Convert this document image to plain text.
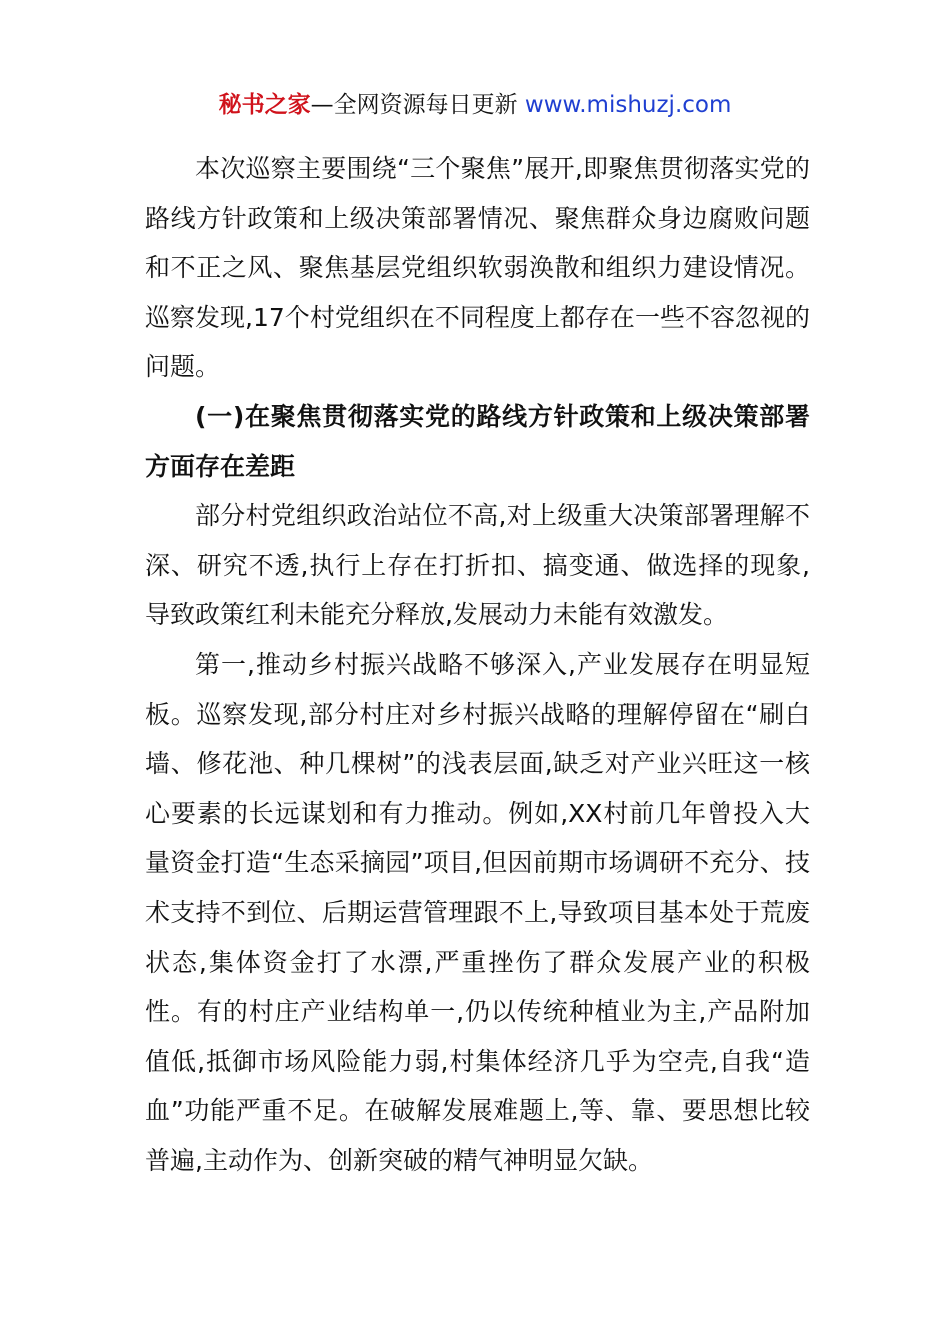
秘书之家—全网资源每日更新 www.mishuzj.com

本次巡察主要围绕“三个聚焦”展开,即聚焦贯彻落实党的路线方针政策和上级决策部署情况、聚焦群众身边腐败问题和不正之风、聚焦基层党组织软弱涣散和组织力建设情况。巡察发现,17个村党组织在不同程度上都存在一些不容忽视的问题。

(一)在聚焦贯彻落实党的路线方针政策和上级决策部署方面存在差距

部分村党组织政治站位不高,对上级重大决策部署理解不深、研究不透,执行上存在打折扣、搞变通、做选择的现象,导致政策红利未能充分释放,发展动力未能有效激发。

第一,推动乡村振兴战略不够深入,产业发展存在明显短板。巡察发现,部分村庄对乡村振兴战略的理解停留在“刷白墙、修花池、种几棵树”的浅表层面,缺乏对产业兴旺这一核心要素的长远谋划和有力推动。例如,XX村前几年曾投入大量资金打造“生态采摘园”项目,但因前期市场调研不充分、技术支持不到位、后期运营管理跟不上,导致项目基本处于荒废状态,集体资金打了水漂,严重挫伤了群众发展产业的积极性。有的村庄产业结构单一,仍以传统种植业为主,产品附加值低,抵御市场风险能力弱,村集体经济几乎为空壳,自我“造血”功能严重不足。在破解发展难题上,等、靠、要思想比较普遍,主动作为、创新突破的精气神明显欠缺。
